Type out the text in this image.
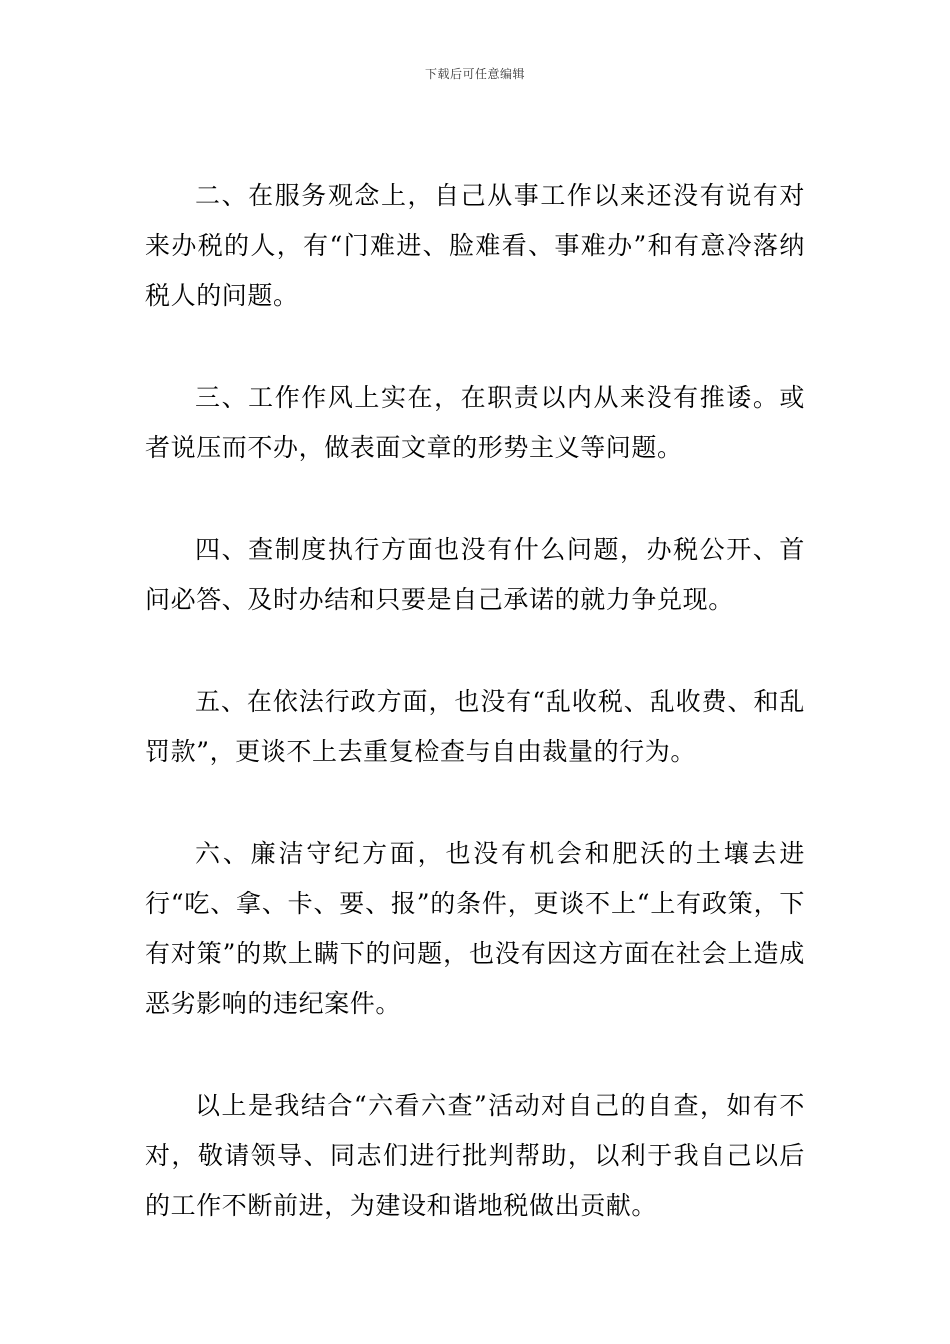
下载后可任意编辑

二、在服务观念上，自己从事工作以来还没有说有对来办税的人，有“门难进、脸难看、事难办”和有意冷落纳税人的问题。

三、工作作风上实在，在职责以内从来没有推诿。或者说压而不办，做表面文章的形势主义等问题。

四、查制度执行方面也没有什么问题，办税公开、首问必答、及时办结和只要是自己承诺的就力争兑现。

五、在依法行政方面，也没有“乱收税、乱收费、和乱罚款”，更谈不上去重复检查与自由裁量的行为。

六、廉洁守纪方面，也没有机会和肥沃的土壤去进行“吃、拿、卡、要、报”的条件，更谈不上“上有政策，下有对策”的欺上瞒下的问题，也没有因这方面在社会上造成恶劣影响的违纪案件。

以上是我结合“六看六查”活动对自己的自查，如有不对，敬请领导、同志们进行批判帮助，以利于我自己以后的工作不断前进，为建设和谐地税做出贡献。
